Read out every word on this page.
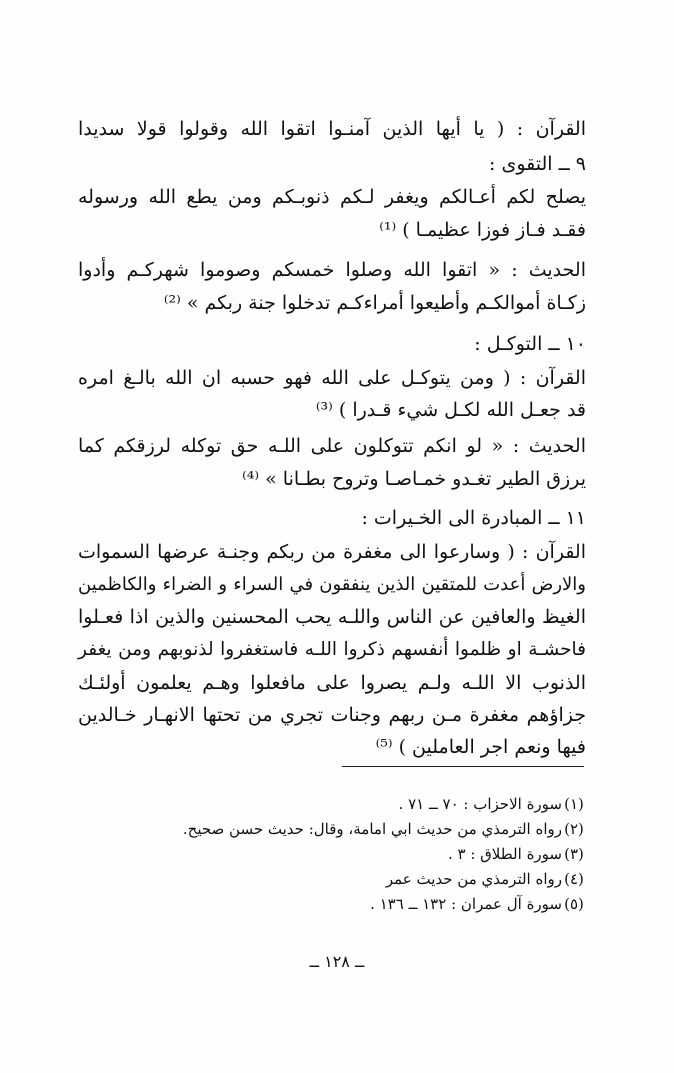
القرآن : ( يا أيها الذين آمنـوا اتقوا الله وقولوا قولا سديدا
٩ ــ التقوى :
يصلح لكم أعـالكم ويغفر لـكم ذنوبـكم ومن يطع الله ورسوله
فقـد فـاز فوزا عظيمـا ) ⁽¹⁾
الحديث : « اتقوا الله وصلوا خمسكم وصوموا شهركـم وأدوا
زكـاة أموالكـم وأطيعوا أمراءكـم تدخلوا جنة ربكم » ⁽²⁾
١٠ ــ التوكـل :
القرآن : ( ومن يتوكـل على الله فهو حسبه ان الله بالـغ امره
قد جعـل الله لكـل شيء قـدرا ) ⁽³⁾
الحديث : « لو انكم تتوكلون على اللـه حق توكله لرزقكم كما
يرزق الطير تغـدو خمـاصـا وتروح بطـانا » ⁽⁴⁾
١١ ــ المبادرة الى الخـيرات :
القرآن : ( وسارعوا الى مغفرة من ربكم وجنـة عرضها السموات
والارض أعدت للمتقين الذين ينفقون في السراء و الضراء والكاظمين
الغيظ والعافين عن الناس واللـه يحب المحسنين والذين اذا فعـلوا
فاحشـة او ظلموا أنفسهم ذكروا اللـه فاستغفروا لذنوبهم ومن يغفر
الذنوب الا اللـه ولـم يصروا على مافعلوا وهـم يعلمون أولئـك
جزاؤهم مغفرة مـن ربهم وجنات تجري من تحتها الانهـار خـالدين
فيها ونعم اجر العاملين ) ⁽⁵⁾
(١)
سورة الاحزاب : ٧٠ ــ ٧١ .
(٢)
رواه الترمذي من حديث ابي امامة، وقال: حديث حسن صحيح.
(٣)
سورة الطلاق : ٣ .
(٤)
رواه الترمذي من حديث عمر
(٥)
سورة آل عمران : ١٣٢ ــ ١٣٦ .
ــ ١٢٨ ــ
